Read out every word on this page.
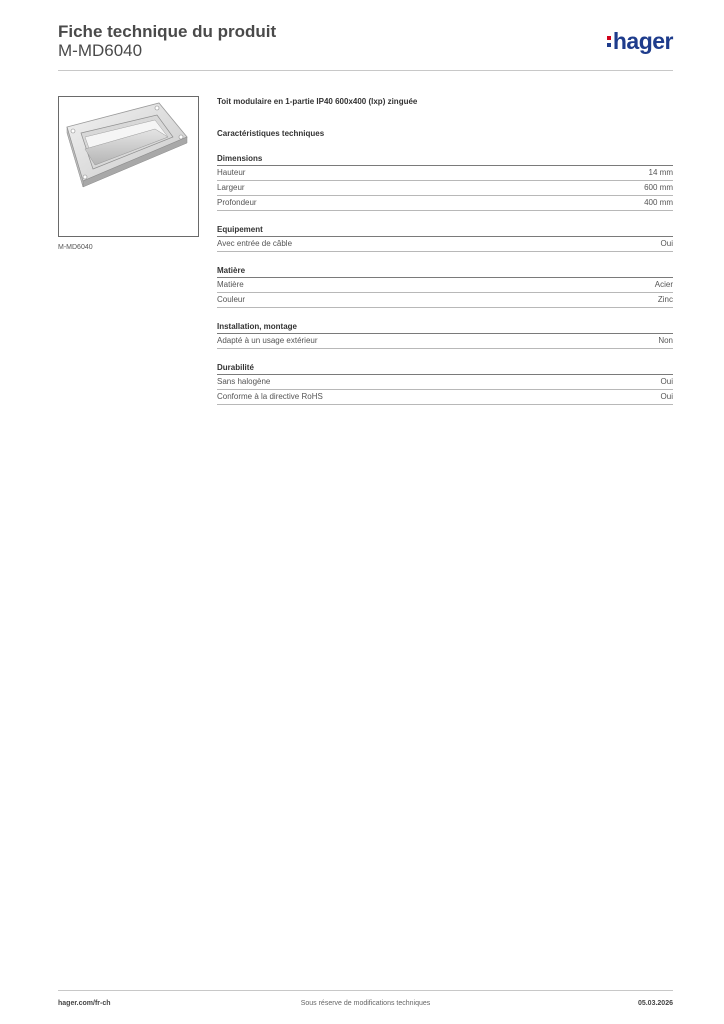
Fiche technique du produit
M-MD6040	hager
M-MD6040
Toit modulaire en 1-partie IP40 600x400 (lxp) zinguée
Caractéristiques techniques
Dimensions
Hauteur	14 mm
Largeur	600 mm
Profondeur	400 mm
Equipement
Avec entrée de câble	Oui
Matière
Matière	Acier
Couleur	Zinc
Installation, montage
Adapté à un usage extérieur	Non
Durabilité
Sans halogène	Oui
Conforme à la directive RoHS	Oui
hager.com/fr-ch	Sous réserve de modifications techniques	05.03.2026
